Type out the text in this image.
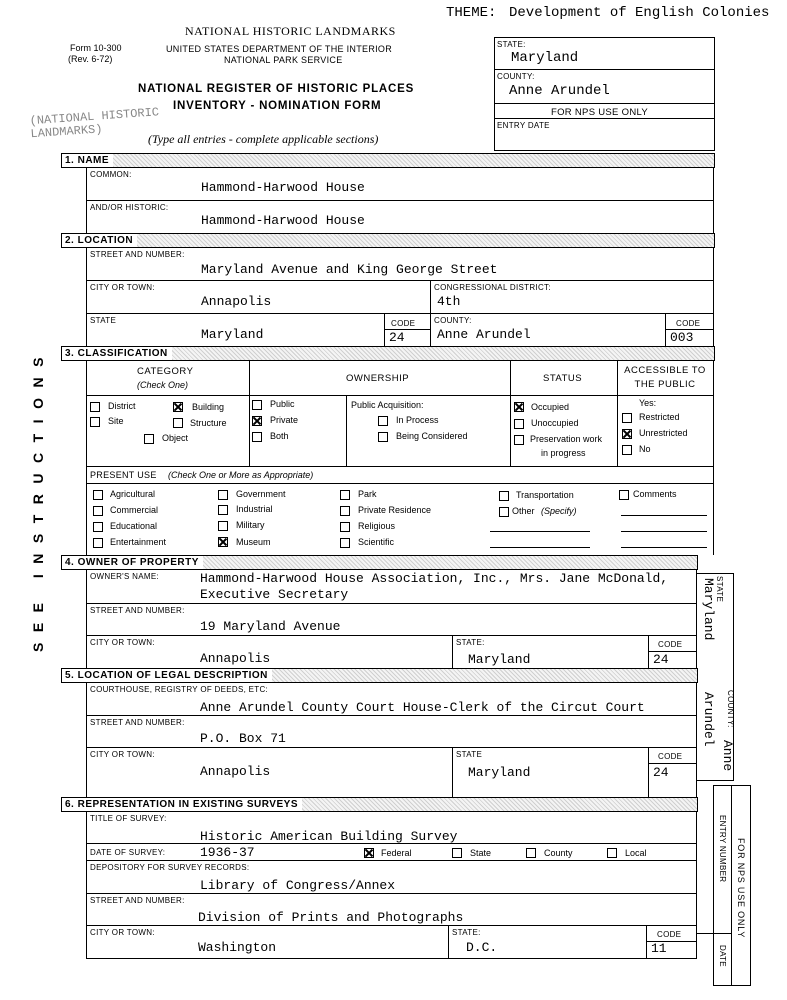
THEME: Development of English Colonies
NATIONAL HISTORIC LANDMARKS
Form 10-300
(Rev. 6-72)
UNITED STATES DEPARTMENT OF THE INTERIOR
NATIONAL PARK SERVICE
NATIONAL REGISTER OF HISTORIC PLACES
INVENTORY - NOMINATION FORM
(Type all entries - complete applicable sections)
(NATIONAL HISTORIC LANDMARKS)
STATE:
Maryland
COUNTY:
Anne Arundel
FOR NPS USE ONLY
ENTRY DATE
SEE INSTRUCTIONS
1. NAME
COMMON:
Hammond-Harwood House
AND/OR HISTORIC:
Hammond-Harwood House
2. LOCATION
STREET AND NUMBER:
Maryland Avenue and King George Street
CITY OR TOWN:
Annapolis
CONGRESSIONAL DISTRICT:
4th
STATE
Maryland
CODE
24
COUNTY:
Anne Arundel
CODE
003
3. CLASSIFICATION
CATEGORY
(Check One)
OWNERSHIP	STATUS
ACCESSIBLE TO THE PUBLIC
District	Building
Site	Structure
Object
Public
Private
Both
Public Acquisition:
In Process
Being Considered
Occupied
Unoccupied
Preservation work
in progress
Yes:
Restricted
Unrestricted
No
PRESENT USE (Check One or More as Appropriate)
Agricultural
Commercial
Educational
Entertainment
Government
Industrial
Military
Museum
Park
Private Residence
Religious
Scientific
Transportation
Other (Specify)
Comments
4. OWNER OF PROPERTY
OWNER'S NAME:	Hammond-Harwood House Association, Inc., Mrs. Jane McDonald,
Executive Secretary
STREET AND NUMBER:
19 Maryland Avenue
CITY OR TOWN:
Annapolis
STATE:
Maryland
CODE
24
STATE
Maryland
COUNTY:
Anne
Arundel
5. LOCATION OF LEGAL DESCRIPTION
COURTHOUSE, REGISTRY OF DEEDS, ETC:
Anne Arundel County Court House-Clerk of the Circut Court
STREET AND NUMBER:
P.O. Box 71
CITY OR TOWN:
Annapolis
STATE
Maryland
CODE
24
6. REPRESENTATION IN EXISTING SURVEYS
TITLE OF SURVEY:
Historic American Building Survey
DATE OF SURVEY:	1936-37	Federal	State	County	Local
DEPOSITORY FOR SURVEY RECORDS:
Library of Congress/Annex
STREET AND NUMBER:
Division of Prints and Photographs
CITY OR TOWN:
Washington
STATE:
D.C.
CODE
11
FOR NPS USE ONLY
ENTRY NUMBER
DATE
